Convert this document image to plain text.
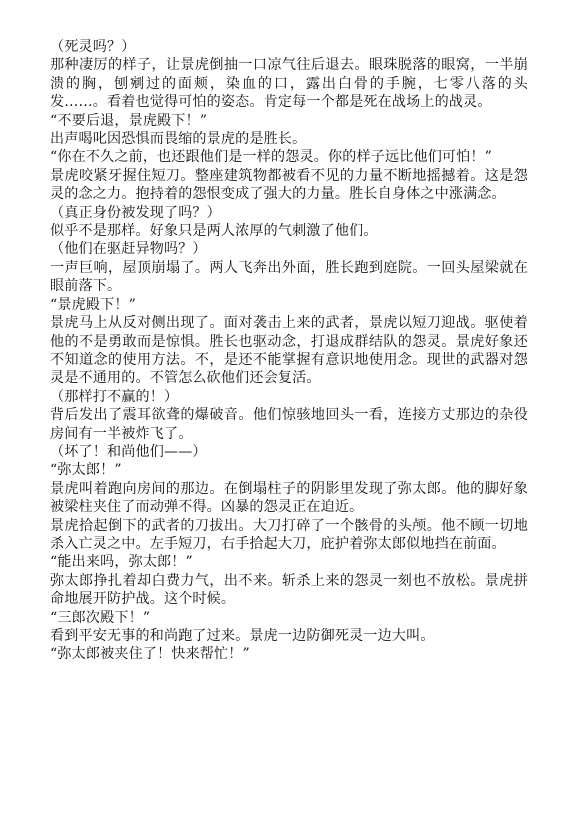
（死灵吗？）

那种凄厉的样子，让景虎倒抽一口凉气往后退去。眼珠脱落的眼窝，一半崩溃的胸，刨剜过的面颊，染血的口，露出白骨的手腕，七零八落的头发……。看着也觉得可怕的姿态。肯定每一个都是死在战场上的战灵。

“不要后退，景虎殿下！”

出声喝叱因恐惧而畏缩的景虎的是胜长。

“你在不久之前，也还跟他们是一样的怨灵。你的样子远比他们可怕！”

景虎咬紧牙握住短刀。整座建筑物都被看不见的力量不断地摇撼着。这是怨灵的念之力。抱持着的怨恨变成了强大的力量。胜长自身体之中涨满念。

（真正身份被发现了吗？）

似乎不是那样。好象只是两人浓厚的气刺激了他们。

（他们在驱赶异物吗？）

一声巨响，屋顶崩塌了。两人飞奔出外面，胜长跑到庭院。一回头屋梁就在眼前落下。

“景虎殿下！”

景虎马上从反对侧出现了。面对袭击上来的武者，景虎以短刀迎战。驱使着他的不是勇敢而是惊惧。胜长也驱动念，打退成群结队的怨灵。景虎好象还不知道念的使用方法。不，是还不能掌握有意识地使用念。现世的武器对怨灵是不通用的。不管怎么砍他们还会复活。

（那样打不赢的！）

背后发出了震耳欲聋的爆破音。他们惊骇地回头一看，连接方丈那边的杂役房间有一半被炸飞了。

（坏了！和尚他们——）

“弥太郎！”

景虎叫着跑向房间的那边。在倒塌柱子的阴影里发现了弥太郎。他的脚好象被梁柱夹住了而动弹不得。凶暴的怨灵正在迫近。

景虎拾起倒下的武者的刀拔出。大刀打碎了一个骸骨的头颅。他不顾一切地杀入亡灵之中。左手短刀，右手拾起大刀，庇护着弥太郎似地挡在前面。

“能出来吗，弥太郎！”

弥太郎挣扎着却白费力气，出不来。斩杀上来的怨灵一刻也不放松。景虎拼命地展开防护战。这个时候。

“三郎次殿下！”

看到平安无事的和尚跑了过来。景虎一边防御死灵一边大叫。

“弥太郎被夹住了！快来帮忙！”
